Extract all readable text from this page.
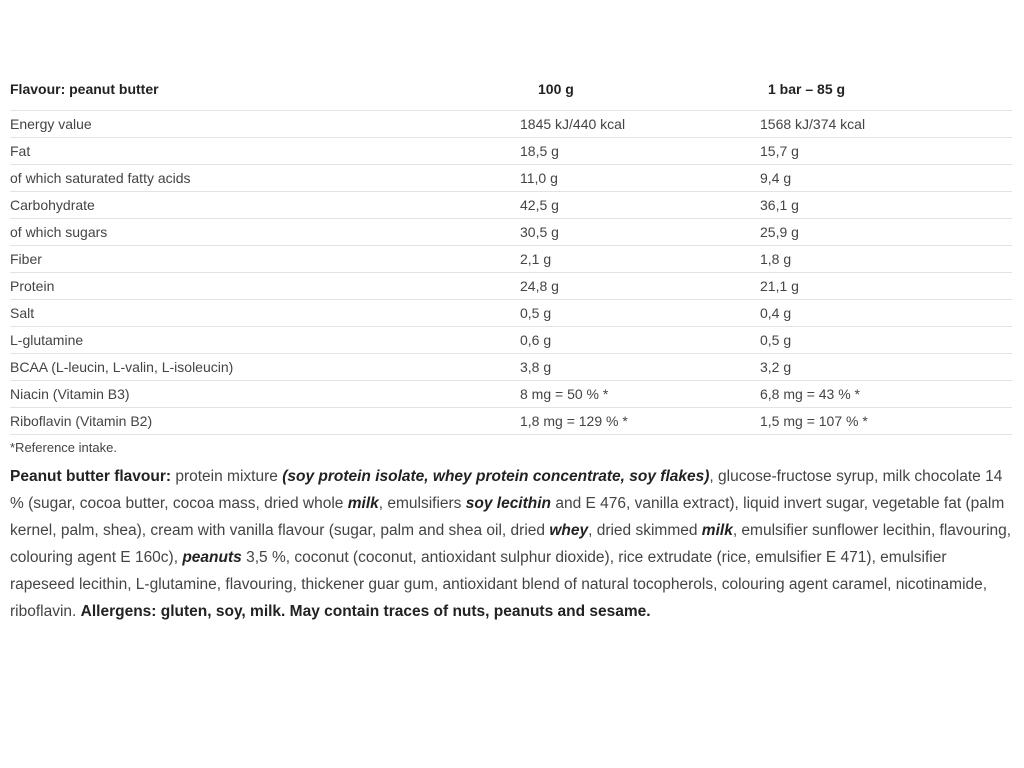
Flavour: peanut butter	100 g	1 bar – 85 g
Energy value	1845 kJ/440 kcal	1568 kJ/374 kcal
Fat	18,5 g	15,7 g
of which saturated fatty acids	11,0 g	9,4 g
Carbohydrate	42,5 g	36,1 g
of which sugars	30,5 g	25,9 g
Fiber	2,1 g	1,8 g
Protein	24,8 g	21,1 g
Salt	0,5 g	0,4 g
L-glutamine	0,6 g	0,5 g
BCAA (L-leucin, L-valin, L-isoleucin)	3,8 g	3,2 g
Niacin (Vitamin B3)	8 mg = 50 % *	6,8 mg = 43 % *
Riboflavin (Vitamin B2)	1,8 mg = 129 % *	1,5 mg = 107 % *
*Reference intake.

Peanut butter flavour: protein mixture (soy protein isolate, whey protein concentrate, soy flakes), glucose-fructose syrup, milk chocolate 14 % (sugar, cocoa butter, cocoa mass, dried whole milk, emulsifiers soy lecithin and E 476, vanilla extract), liquid invert sugar, vegetable fat (palm kernel, palm, shea), cream with vanilla flavour (sugar, palm and shea oil, dried whey, dried skimmed milk, emulsifier sunflower lecithin, flavouring, colouring agent E 160c), peanuts 3,5 %, coconut (coconut, antioxidant sulphur dioxide), rice extrudate (rice, emulsifier E 471), emulsifier rapeseed lecithin, L-glutamine, flavouring, thickener guar gum, antioxidant blend of natural tocopherols, colouring agent caramel, nicotinamide, riboflavin. Allergens: gluten, soy, milk. May contain traces of nuts, peanuts and sesame.
